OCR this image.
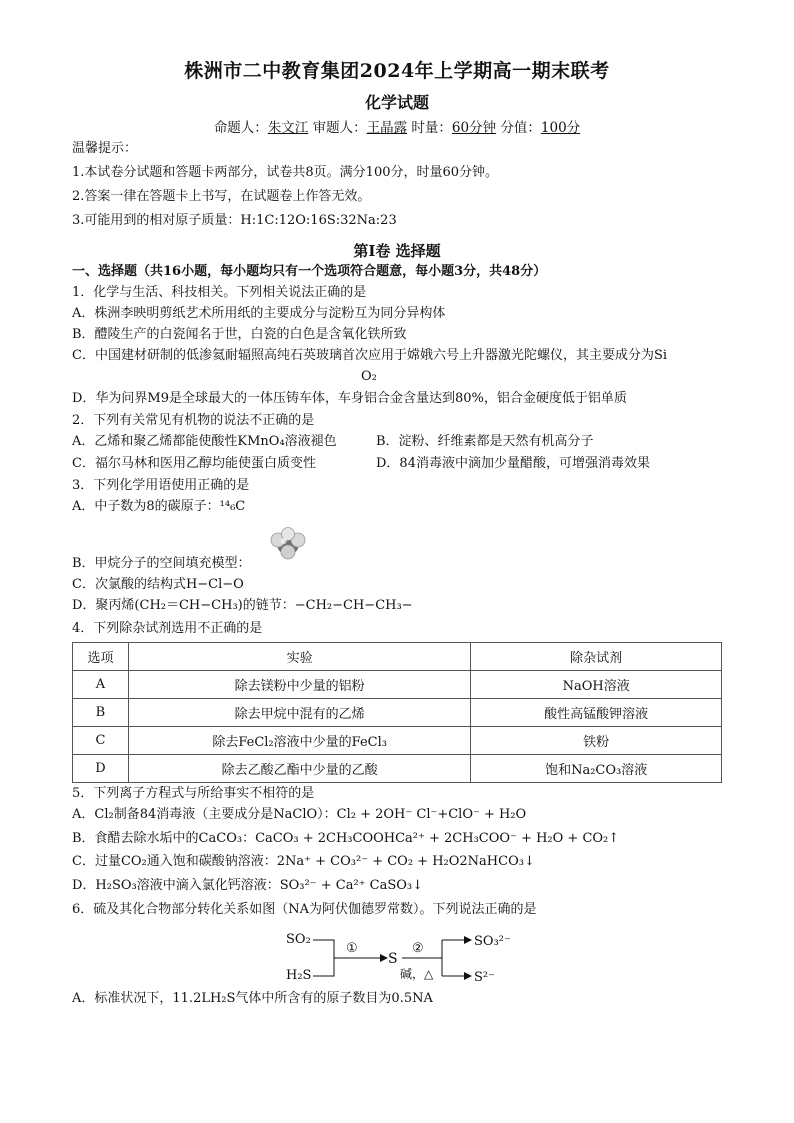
株洲市二中教育集团2024年上学期高一期末联考
化学试题
命题人：朱文江 审题人：王晶露 时量：60分钟 分值：100分
温馨提示：
1.本试卷分试题和答题卡两部分，试卷共8页。满分100分，时量60分钟。
2.答案一律在答题卡上书写，在试题卷上作答无效。
3.可能用到的相对原子质量：H:1C:12O:16S:32Na:23
第Ⅰ卷 选择题
一、选择题（共16小题，每小题均只有一个选项符合题意，每小题3分，共48分）
1．化学与生活、科技相关。下列相关说法正确的是
A．株洲李映明剪纸艺术所用纸的主要成分与淀粉互为同分异构体
B．醴陵生产的白瓷闻名于世，白瓷的白色是含氧化铁所致
C．中国建材研制的低渗氦耐辐照高纯石英玻璃首次应用于嫦娥六号上升器激光陀螺仪，其主要成分为Si
O₂
D．华为问界M9是全球最大的一体压铸车体，车身铝合金含量达到80%，铝合金硬度低于铝单质
2．下列有关常见有机物的说法不正确的是
A．乙烯和聚乙烯都能使酸性KMnO₄溶液褪色	B．淀粉、纤维素都是天然有机高分子
C．福尔马林和医用乙醇均能使蛋白质变性	D．84消毒液中滴加少量醋酸，可增强消毒效果
3．下列化学用语使用正确的是
A．中子数为8的碳原子：¹⁴₆C
B．甲烷分子的空间填充模型：
C．次氯酸的结构式H−Cl−O
D．聚丙烯(CH₂＝CH−CH₃)的链节：−CH₂−CH−CH₃−
4．下列除杂试剂选用不正确的是
选项	实验	除杂试剂
A	除去镁粉中少量的铝粉	NaOH溶液
B	除去甲烷中混有的乙烯	酸性高锰酸钾溶液
C	除去FeCl₂溶液中少量的FeCl₃	铁粉
D	除去乙酸乙酯中少量的乙酸	饱和Na₂CO₃溶液
5．下列离子方程式与所给事实不相符的是
A．Cl₂制备84消毒液（主要成分是NaClO）：Cl₂ + 2OH⁻ Cl⁻+ClO⁻ + H₂O
B．食醋去除水垢中的CaCO₃：CaCO₃ + 2CH₃COOHCa²⁺ + 2CH₃COO⁻ + H₂O + CO₂↑
C．过量CO₂通入饱和碳酸钠溶液：2Na⁺ + CO₃²⁻ + CO₂ + H₂O2NaHCO₃↓
D．H₂SO₃溶液中滴入氯化钙溶液：SO₃²⁻ + Ca²⁺ CaSO₃↓
6．硫及其化合物部分转化关系如图（NA为阿伏伽德罗常数）。下列说法正确的是
SO₂
H₂S
①
S
②
碱，△
SO₃²⁻
S²⁻
A．标准状况下，11.2LH₂S气体中所含有的原子数目为0.5NA
